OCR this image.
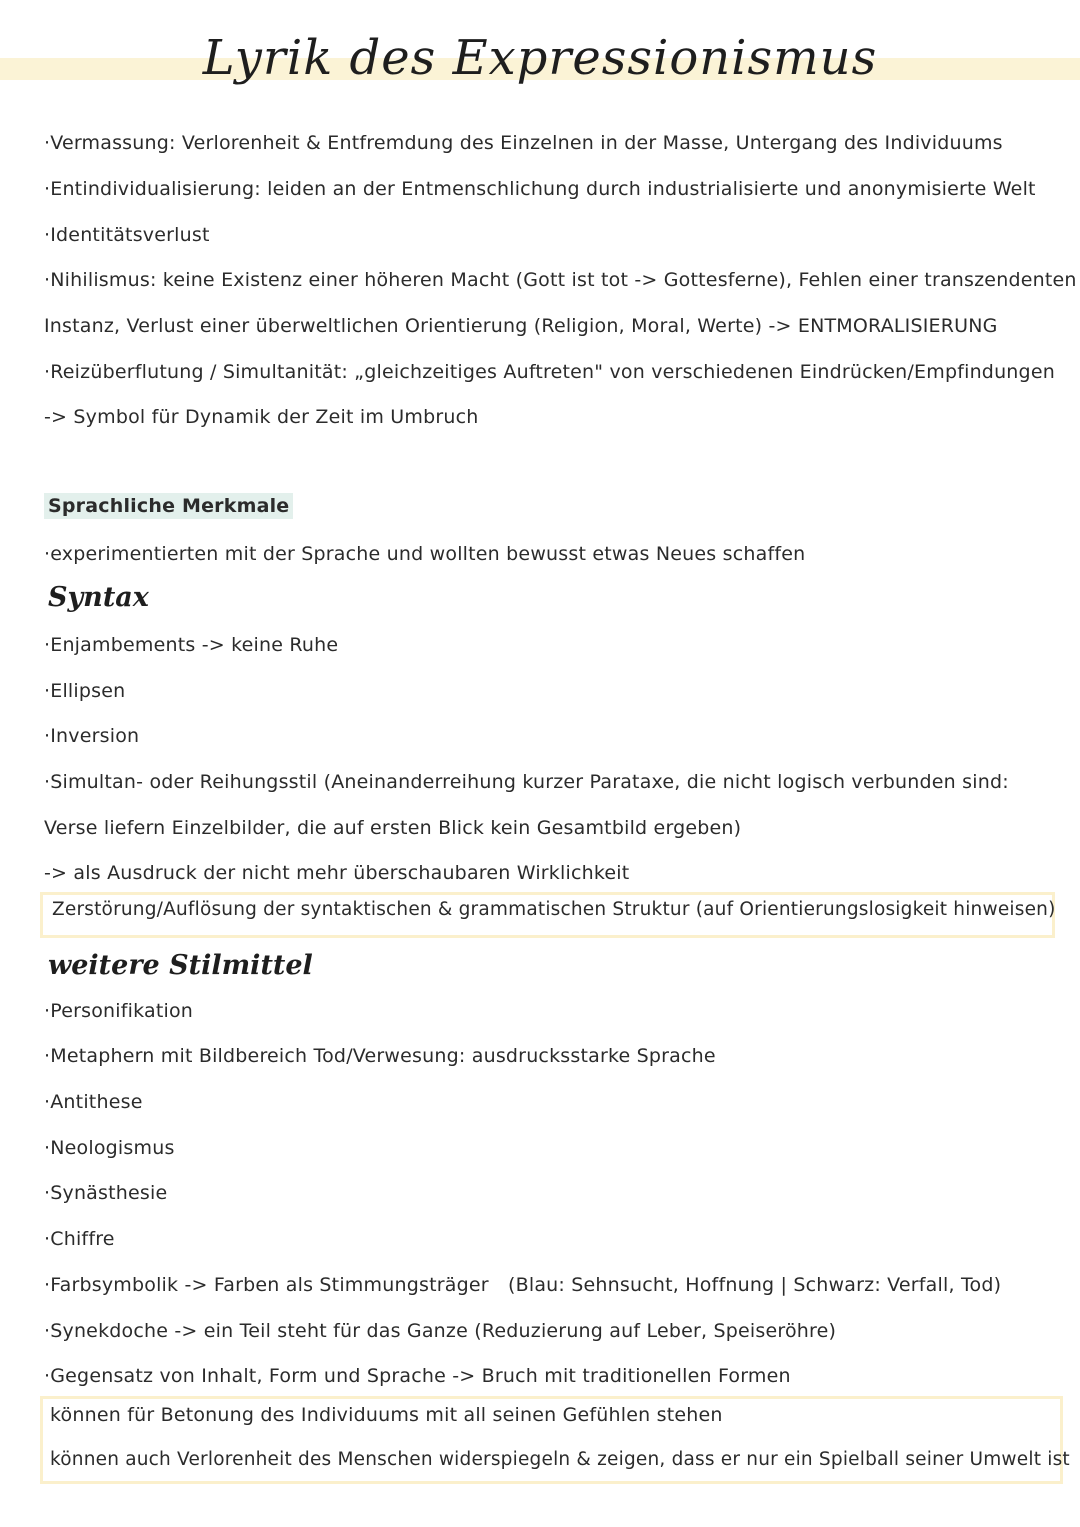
Lyrik des Expressionismus
·Vermassung: Verlorenheit & Entfremdung des Einzelnen in der Masse, Untergang des Individuums
·Entindividualisierung: leiden an der Entmenschlichung durch industrialisierte und anonymisierte Welt
·Identitätsverlust
·Nihilismus: keine Existenz einer höheren Macht (Gott ist tot -> Gottesferne), Fehlen einer transzendenten
Instanz, Verlust einer überweltlichen Orientierung (Religion, Moral, Werte) -> ENTMORALISIERUNG
·Reizüberflutung / Simultanität: „gleichzeitiges Auftreten" von verschiedenen Eindrücken/Empfindungen
-> Symbol für Dynamik der Zeit im Umbruch
Sprachliche Merkmale
·experimentierten mit der Sprache und wollten bewusst etwas Neues schaffen
Syntax
·Enjambements -> keine Ruhe
·Ellipsen
·Inversion
·Simultan- oder Reihungsstil (Aneinanderreihung kurzer Parataxe, die nicht logisch verbunden sind:
Verse liefern Einzelbilder, die auf ersten Blick kein Gesamtbild ergeben)
-> als Ausdruck der nicht mehr überschaubaren Wirklichkeit
Zerstörung/Auflösung der syntaktischen & grammatischen Struktur (auf Orientierungslosigkeit hinweisen)
weitere Stilmittel
·Personifikation
·Metaphern mit Bildbereich Tod/Verwesung: ausdrucksstarke Sprache
·Antithese
·Neologismus
·Synästhesie
·Chiffre
·Farbsymbolik -> Farben als Stimmungsträger (Blau: Sehnsucht, Hoffnung | Schwarz: Verfall, Tod)
·Synekdoche -> ein Teil steht für das Ganze (Reduzierung auf Leber, Speiseröhre)
·Gegensatz von Inhalt, Form und Sprache -> Bruch mit traditionellen Formen
können für Betonung des Individuums mit all seinen Gefühlen stehen
können auch Verlorenheit des Menschen widerspiegeln & zeigen, dass er nur ein Spielball seiner Umwelt ist
